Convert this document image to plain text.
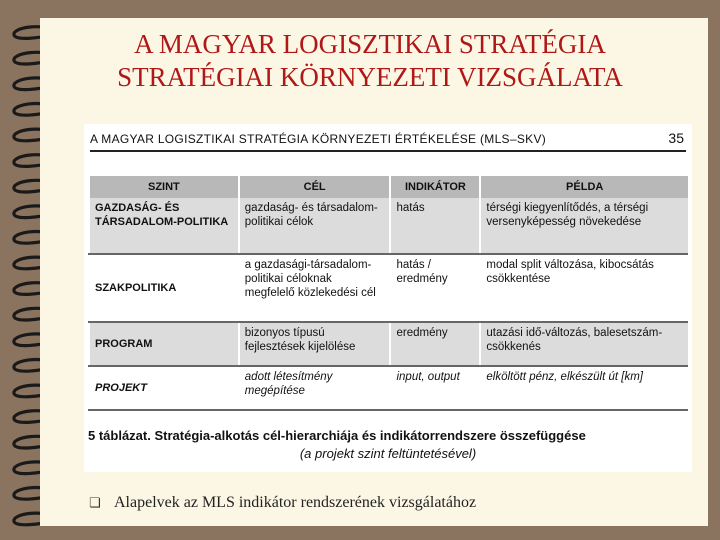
A MAGYAR LOGISZTIKAI STRATÉGIA
STRATÉGIAI KÖRNYEZETI VIZSGÁLATA
A MAGYAR LOGISZTIKAI STRATÉGIA KÖRNYEZETI ÉRTÉKELÉSE (MLS–SKV)	35
SZINT	CÉL	INDIKÁTOR	PÉLDA
GAZDASÁG- ÉS TÁRSADALOM-POLITIKA	gazdaság- és társadalom-politikai célok	hatás	térségi kiegyenlítődés, a térségi versenyképesség növekedése
SZAKPOLITIKA	a gazdasági-társadalom-politikai céloknak megfelelő közlekedési cél	hatás / eredmény	modal split változása, kibocsátás csökkentése
PROGRAM	bizonyos típusú fejlesztések kijelölése	eredmény	utazási idő-változás, balesetszám-csökkenés
PROJEKT	adott létesítmény megépítése	input, output	elköltött pénz, elkészült út [km]
5 táblázat. Stratégia-alkotás cél-hierarchiája és indikátorrendszere összefüggése
(a projekt szint feltüntetésével)
❏ Alapelvek az MLS indikátor rendszerének vizsgálatához
